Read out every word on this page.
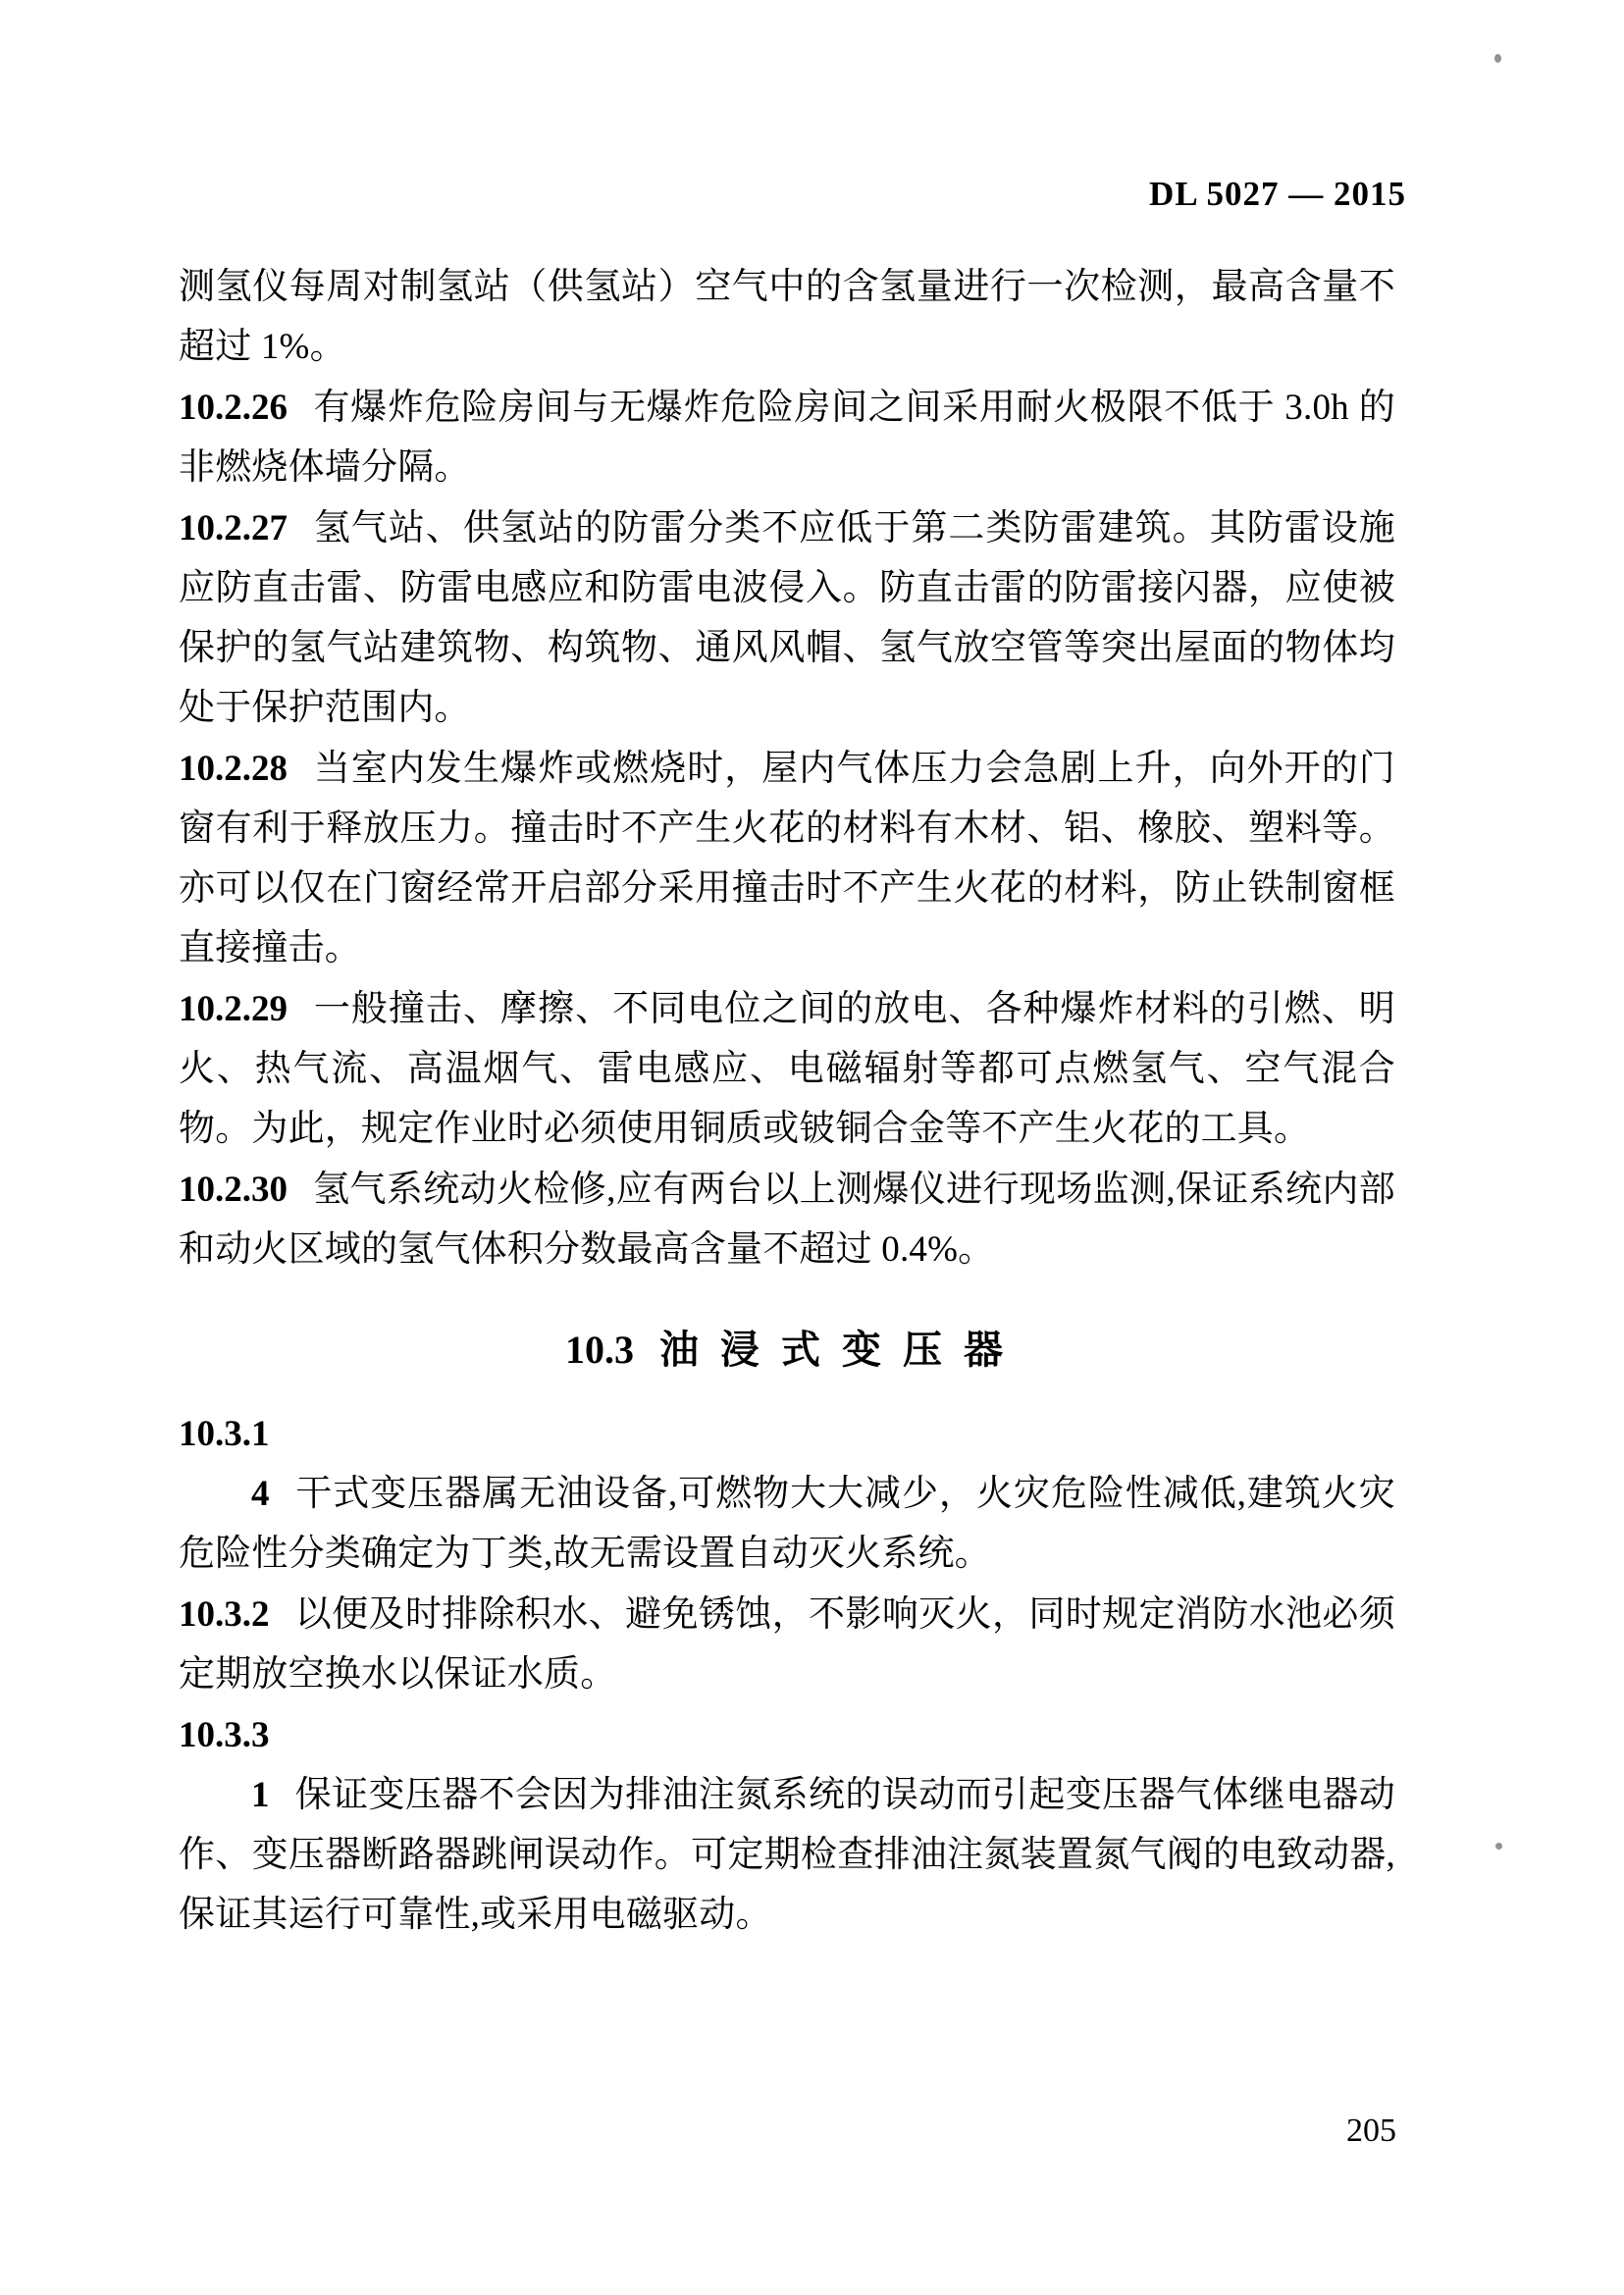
DL 5027 — 2015

测氢仪每周对制氢站（供氢站）空气中的含氢量进行一次检测，最高含量不超过 1%。

10.2.26 有爆炸危险房间与无爆炸危险房间之间采用耐火极限不低于 3.0h 的非燃烧体墙分隔。

10.2.27 氢气站、供氢站的防雷分类不应低于第二类防雷建筑。其防雷设施应防直击雷、防雷电感应和防雷电波侵入。防直击雷的防雷接闪器，应使被保护的氢气站建筑物、构筑物、通风风帽、氢气放空管等突出屋面的物体均处于保护范围内。

10.2.28 当室内发生爆炸或燃烧时，屋内气体压力会急剧上升，向外开的门窗有利于释放压力。撞击时不产生火花的材料有木材、铝、橡胶、塑料等。亦可以仅在门窗经常开启部分采用撞击时不产生火花的材料，防止铁制窗框直接撞击。

10.2.29 一般撞击、摩擦、不同电位之间的放电、各种爆炸材料的引燃、明火、热气流、高温烟气、雷电感应、电磁辐射等都可点燃氢气、空气混合物。为此，规定作业时必须使用铜质或铍铜合金等不产生火花的工具。

10.2.30 氢气系统动火检修,应有两台以上测爆仪进行现场监测,保证系统内部和动火区域的氢气体积分数最高含量不超过 0.4%。

10.3 油 浸 式 变 压 器

10.3.1

4 干式变压器属无油设备,可燃物大大减少，火灾危险性减低,建筑火灾危险性分类确定为丁类,故无需设置自动灭火系统。

10.3.2 以便及时排除积水、避免锈蚀，不影响灭火，同时规定消防水池必须定期放空换水以保证水质。

10.3.3

1 保证变压器不会因为排油注氮系统的误动而引起变压器气体继电器动作、变压器断路器跳闸误动作。可定期检查排油注氮装置氮气阀的电致动器,保证其运行可靠性,或采用电磁驱动。

205
